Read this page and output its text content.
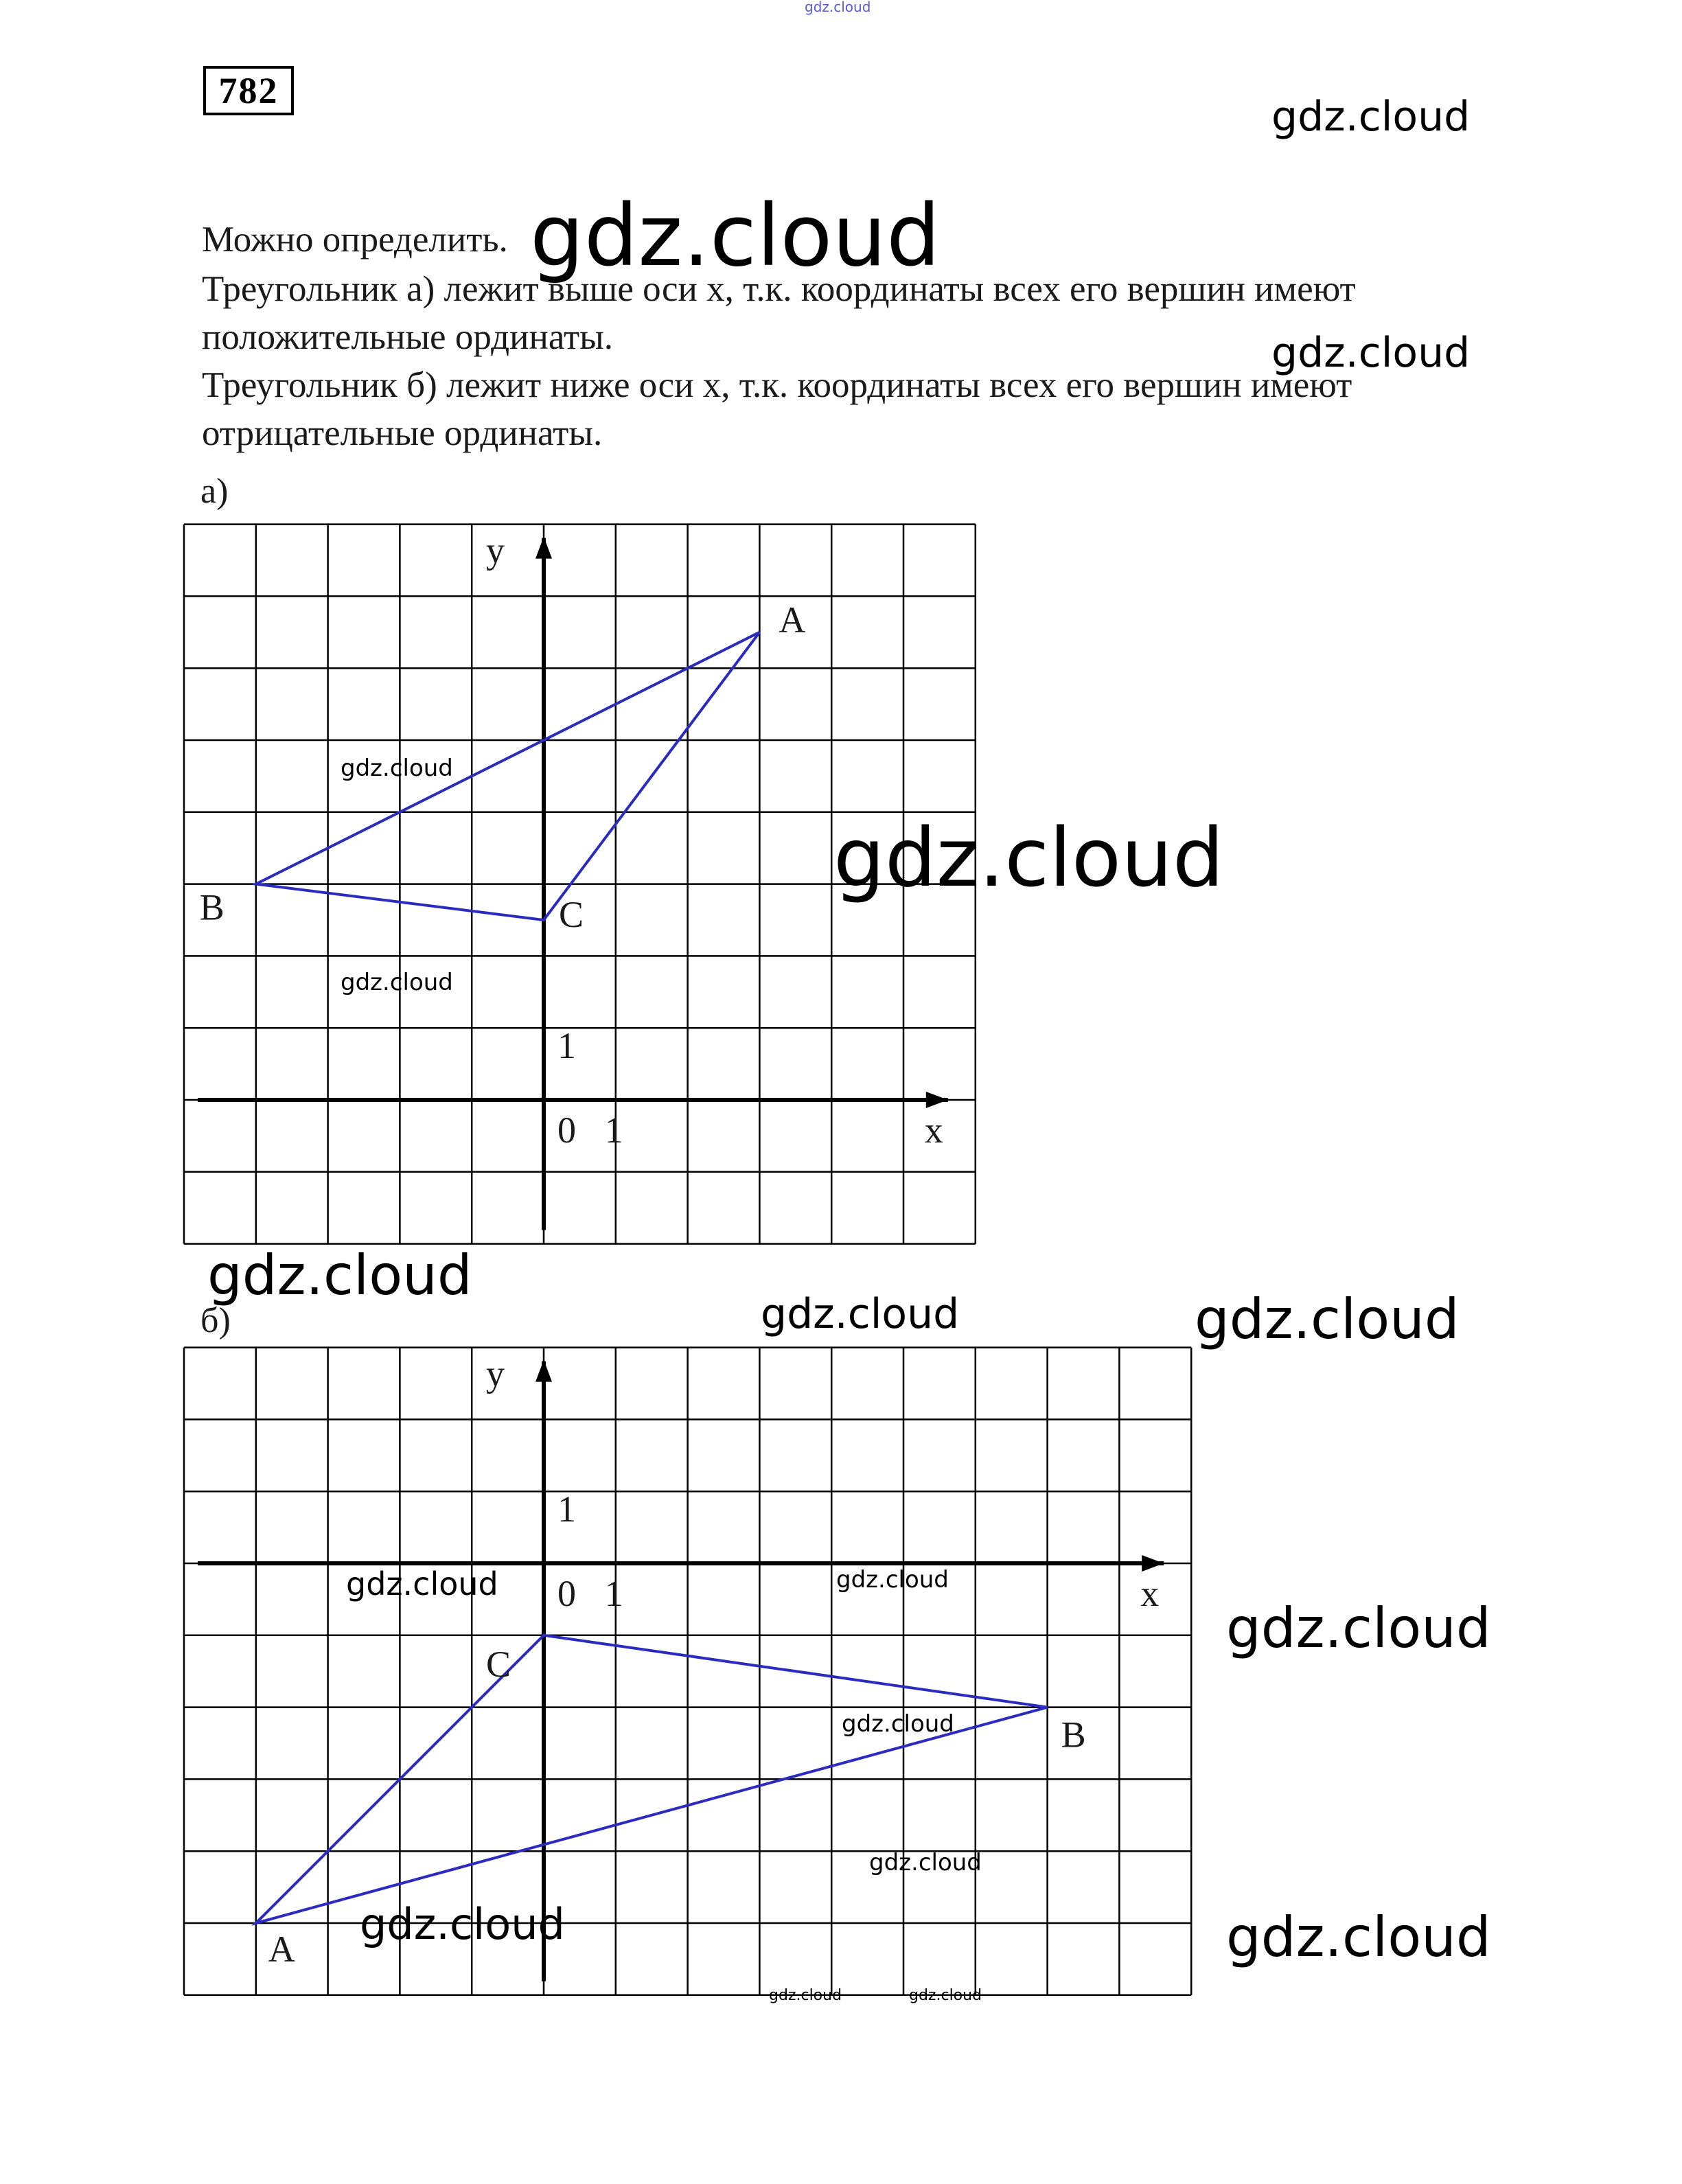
gdz.cloud
782

Можно определить.

Треугольник а) лежит выше оси x, т.к. координаты всех его вершин имеют

положительные ординаты.

Треугольник б) лежит ниже оси x, т.к. координаты всех его вершин имеют

отрицательные ординаты.

а)
б)
x
y
0 1
1
A
B	C
x
y
0 1
1
A
B
C
gdz.cloud
gdz.cloud
gdz.cloud
gdz.cloud
gdz.cloud
gdz.cloud
gdz.cloud
gdz.cloud	gdz.cloud
gdz.cloud	gdz.cloud
gdz.cloud
gdz.cloud
gdz.cloud
gdz.cloud	gdz.cloud
gdz.cloud	gdz.cloud
